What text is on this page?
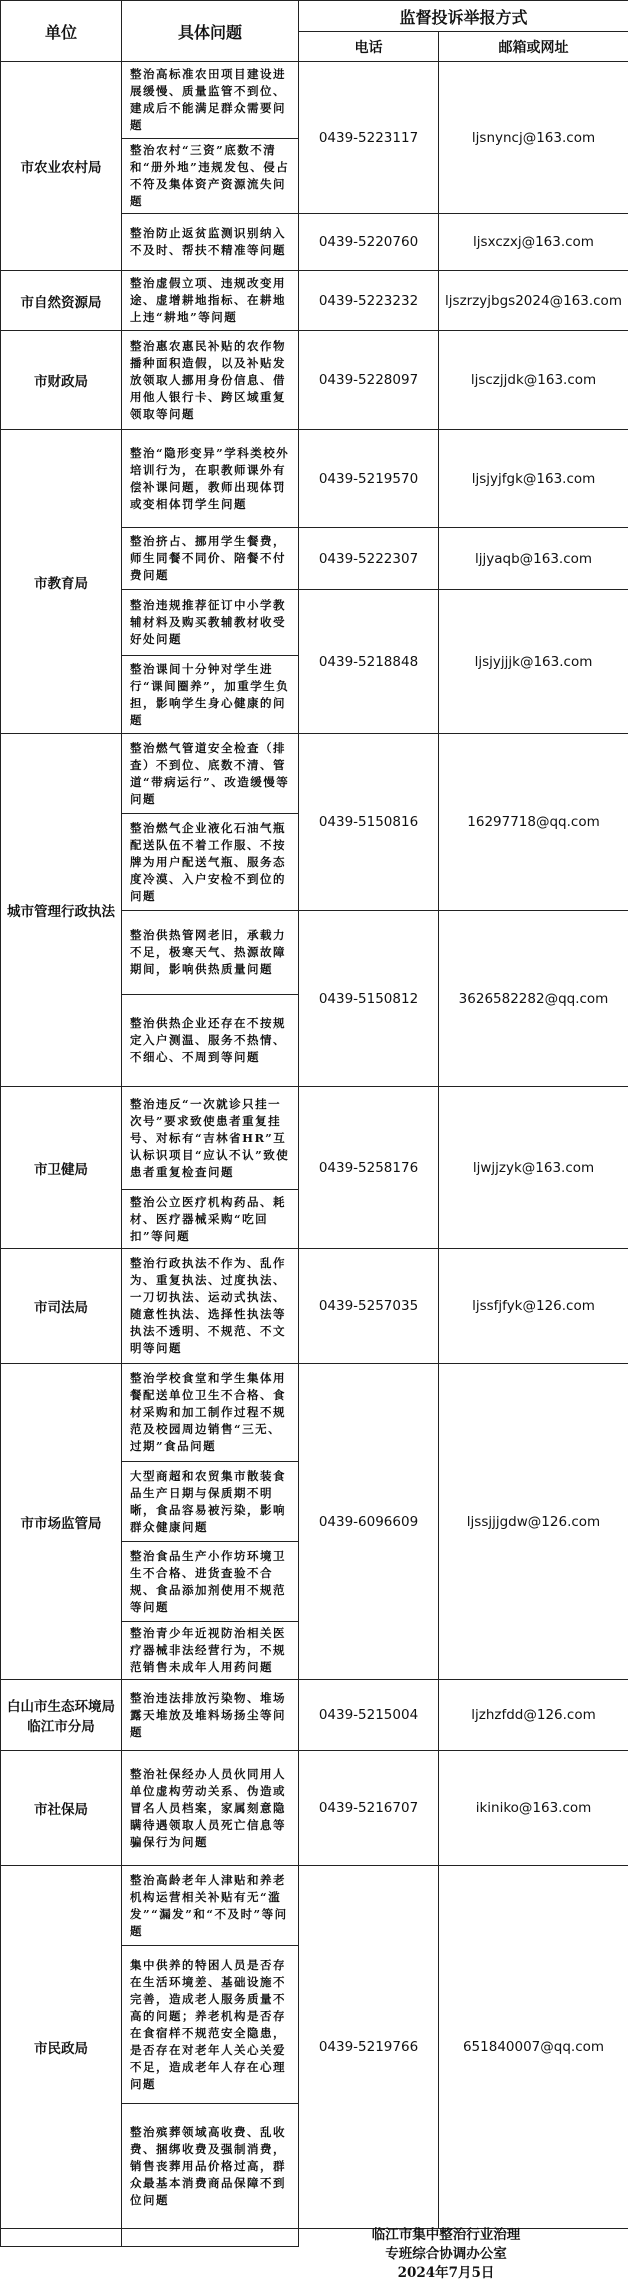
单位	具体问题	监督投诉举报方式	
		电话	邮箱或网址
市农业农村局	整治高标准农田项目建设进展缓慢、质量监管不到位、建成后不能满足群众需要问题	0439-5223117	ljsnyncj@163.com
	整治农村“三资”底数不清和“册外地”违规发包、侵占不符及集体资产资源流失问题		
	整治防止返贫监测识别纳入不及时、帮扶不精准等问题	0439-5220760	ljsxczxj@163.com
市自然资源局	整治虚假立项、违规改变用途、虚增耕地指标、在耕地上违“耕地”等问题	0439-5223232	ljszrzyjbgs2024@163.com
市财政局	整治惠农惠民补贴的农作物播种面积造假，以及补贴发放领取人挪用身份信息、借用他人银行卡、跨区域重复领取等问题	0439-5228097	ljsczjjdk@163.com
市教育局	整治“隐形变异”学科类校外培训行为，在职教师课外有偿补课问题，教师出现体罚或变相体罚学生问题	0439-5219570	ljsjyjfgk@163.com
	整治挤占、挪用学生餐费，师生同餐不同价、陪餐不付费问题	0439-5222307	ljjyaqb@163.com
	整治违规推荐征订中小学教辅材料及购买教辅教材收受好处问题	0439-5218848	ljsjyjjjk@163.com
	整治课间十分钟对学生进行“课间圈养”，加重学生负担，影响学生身心健康的问题		
城市管理行政执法	整治燃气管道安全检查（排查）不到位、底数不清、管道“带病运行”、改造缓慢等问题	0439-5150816	16297718@qq.com
	整治燃气企业液化石油气瓶配送队伍不着工作服、不按牌为用户配送气瓶、服务态度冷漠、入户安检不到位的问题		
	整治供热管网老旧，承载力不足，极寒天气、热源故障期间，影响供热质量问题	0439-5150812	3626582282@qq.com
	整治供热企业还存在不按规定入户测温、服务不热情、不细心、不周到等问题		
市卫健局	整治违反“一次就诊只挂一次号”要求致使患者重复挂号、对标有“吉林省HR”互认标识项目“应认不认”致使患者重复检查问题	0439-5258176	ljwjjzyk@163.com
	整治公立医疗机构药品、耗材、医疗器械采购“吃回扣”等问题		
市司法局	整治行政执法不作为、乱作为、重复执法、过度执法、一刀切执法、运动式执法、随意性执法、选择性执法等执法不透明、不规范、不文明等问题	0439-5257035	ljssfjfyk@126.com
市市场监管局	整治学校食堂和学生集体用餐配送单位卫生不合格、食材采购和加工制作过程不规范及校园周边销售“三无、过期”食品问题	0439-6096609	ljssjjjgdw@126.com
	大型商超和农贸集市散装食品生产日期与保质期不明晰，食品容易被污染，影响群众健康问题		
	整治食品生产小作坊环境卫生不合格、进货查验不合规、食品添加剂使用不规范等问题		
	整治青少年近视防治相关医疗器械非法经营行为，不规范销售未成年人用药问题		
白山市生态环境局临江市分局	整治违法排放污染物、堆场露天堆放及堆料场扬尘等问题	0439-5215004	ljzhzfdd@126.com
市社保局	整治社保经办人员伙同用人单位虚构劳动关系、伪造或冒名人员档案，家属刻意隐瞒待遇领取人员死亡信息等骗保行为问题	0439-5216707	ikiniko@163.com
市民政局	整治高龄老年人津贴和养老机构运营相关补贴有无“滥发”“漏发”和“不及时”等问题	0439-5219766	651840007@qq.com
	集中供养的特困人员是否存在生活环境差、基础设施不完善，造成老人服务质量不高的问题；养老机构是否存在食宿样不规范安全隐患，是否存在对老年人关心关爱不足，造成老年人存在心理问题		
	整治殡葬领域高收费、乱收费、捆绑收费及强制消费，销售丧葬用品价格过高，群众最基本消费商品保障不到位问题		

临江市集中整治行业治理
专班综合协调办公室
2024年7月5日
